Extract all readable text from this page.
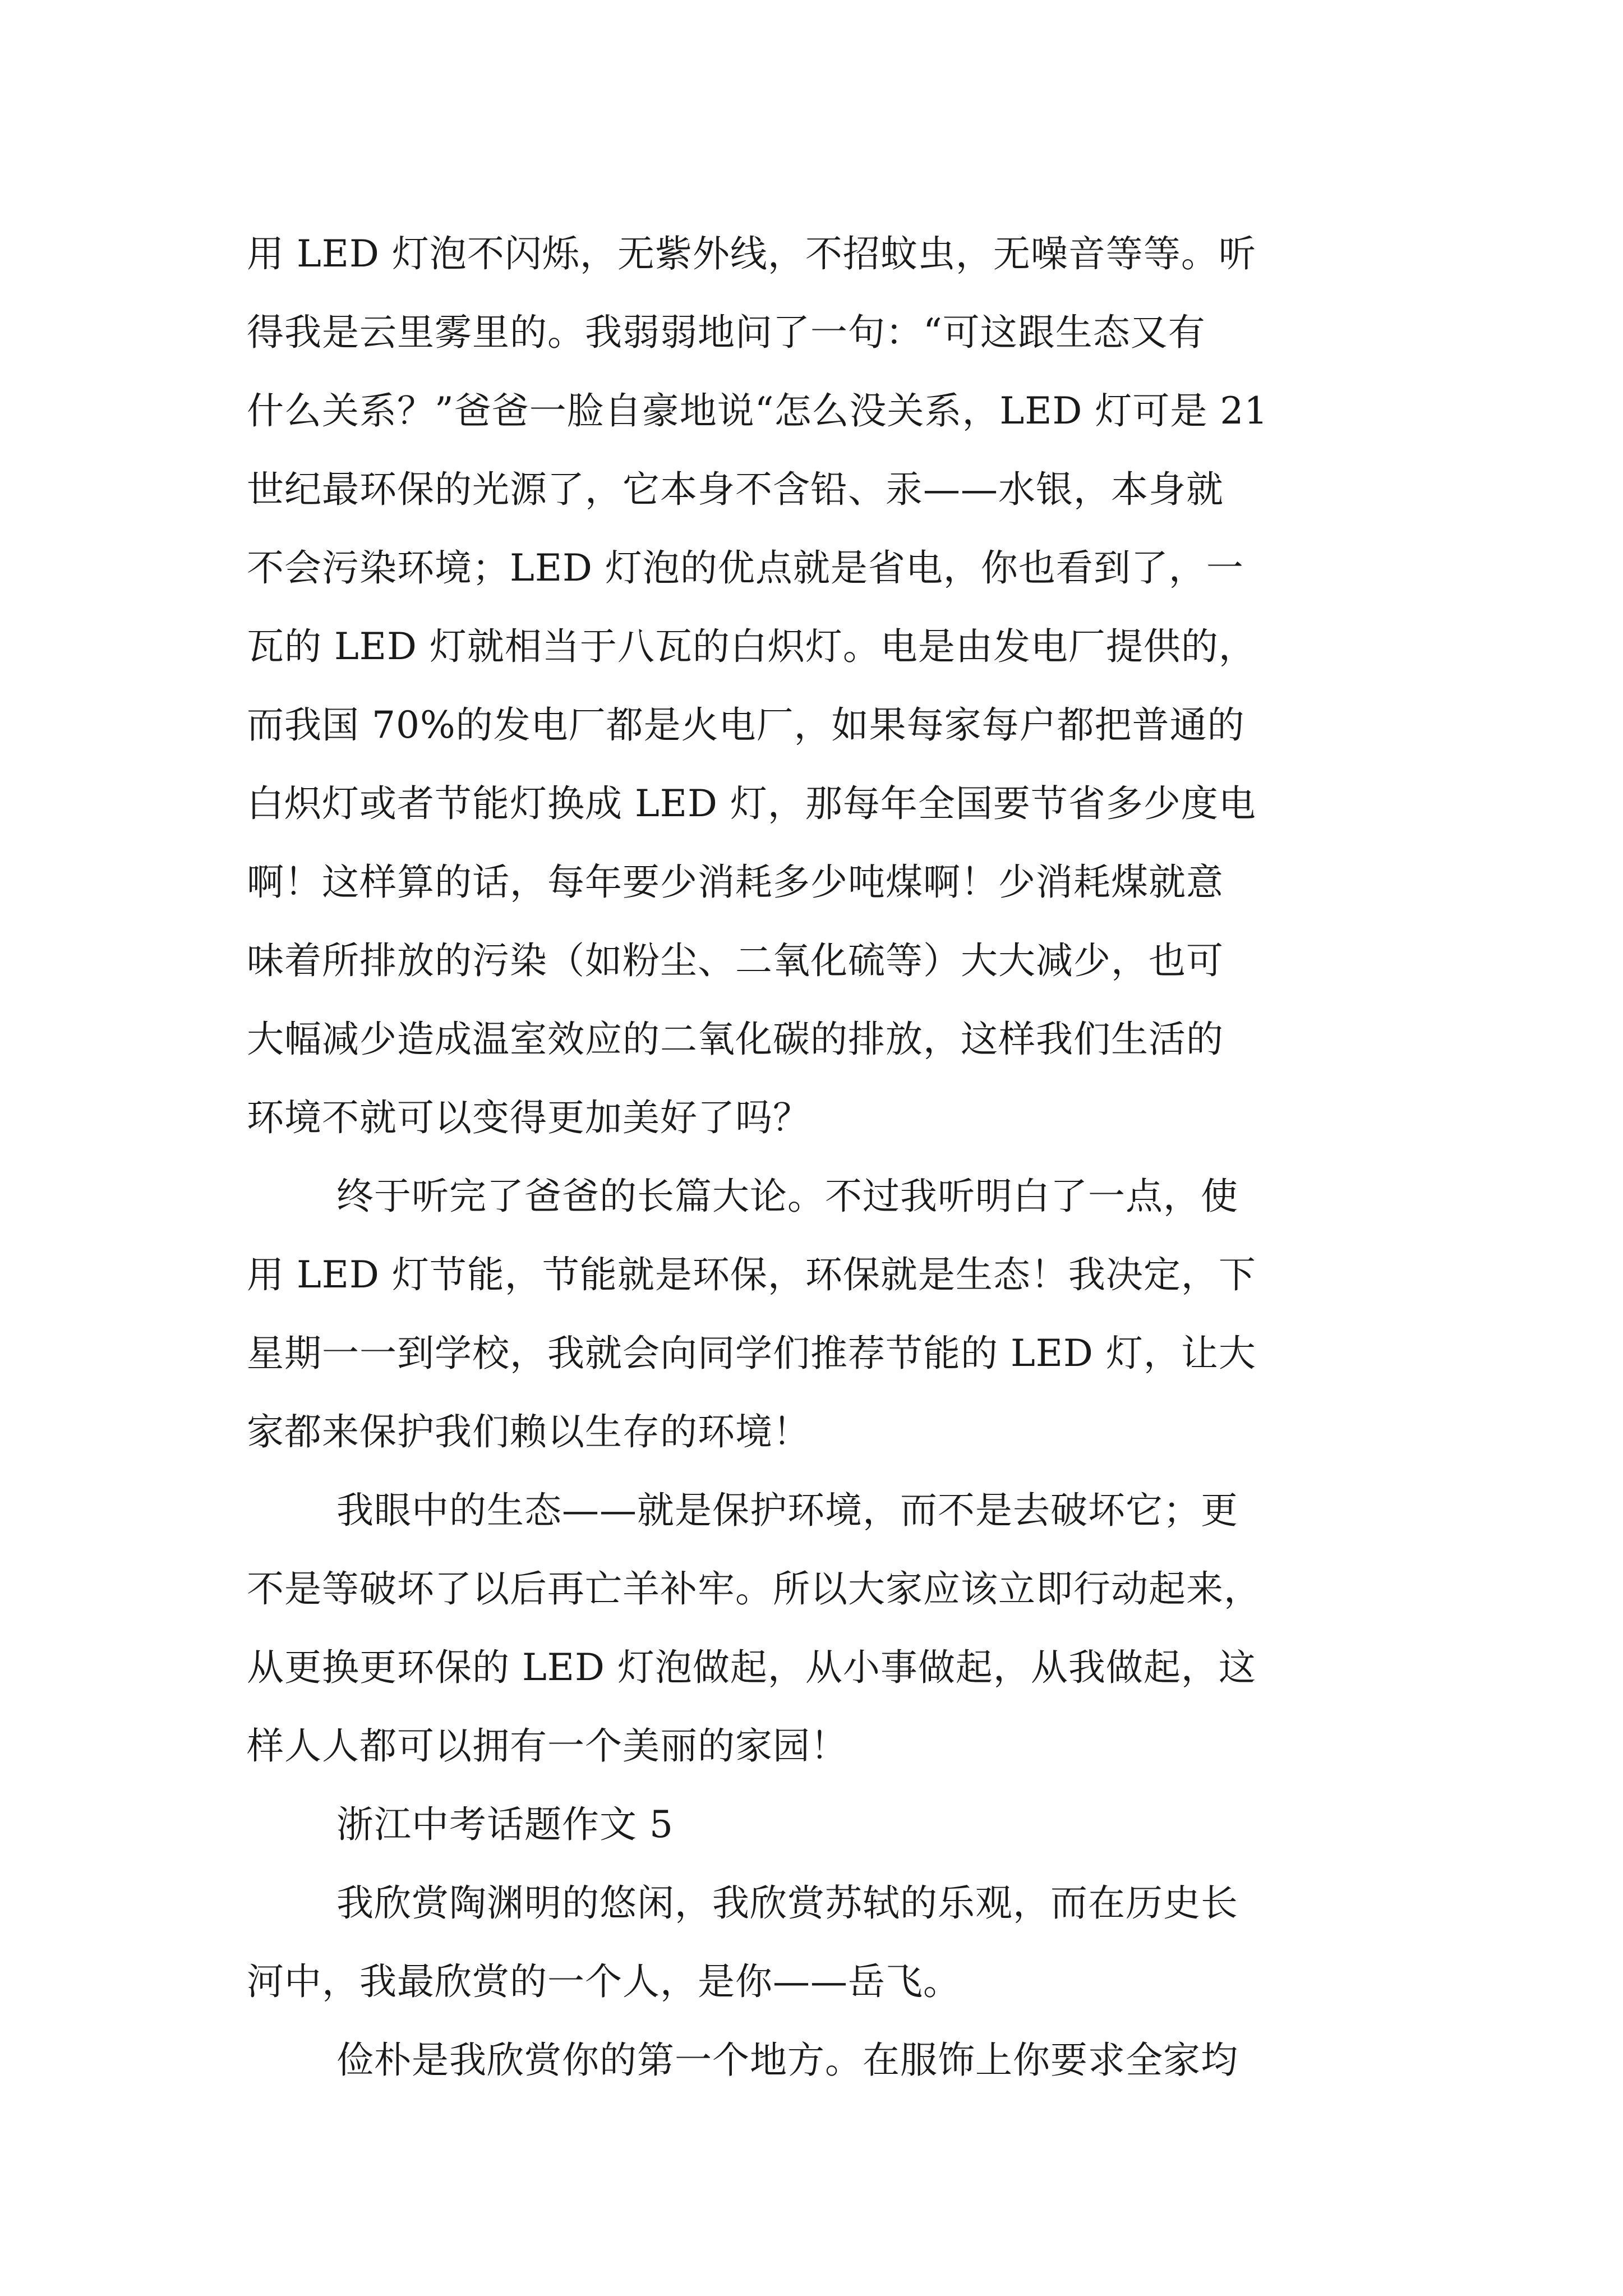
用 LED 灯泡不闪烁，无紫外线，不招蚊虫，无噪音等等。听
得我是云里雾里的。我弱弱地问了一句：“可这跟生态又有
什么关系？”爸爸一脸自豪地说“怎么没关系，LED 灯可是 21
世纪最环保的光源了，它本身不含铅、汞——水银，本身就
不会污染环境；LED 灯泡的优点就是省电，你也看到了，一
瓦的 LED 灯就相当于八瓦的白炽灯。电是由发电厂提供的，
而我国 70%的发电厂都是火电厂，如果每家每户都把普通的
白炽灯或者节能灯换成 LED 灯，那每年全国要节省多少度电
啊！这样算的话，每年要少消耗多少吨煤啊！少消耗煤就意
味着所排放的污染（如粉尘、二氧化硫等）大大减少，也可
大幅减少造成温室效应的二氧化碳的排放，这样我们生活的
环境不就可以变得更加美好了吗？
终于听完了爸爸的长篇大论。不过我听明白了一点，使
用 LED 灯节能，节能就是环保，环保就是生态！我决定，下
星期一一到学校，我就会向同学们推荐节能的 LED 灯，让大
家都来保护我们赖以生存的环境！
我眼中的生态——就是保护环境，而不是去破坏它；更
不是等破坏了以后再亡羊补牢。所以大家应该立即行动起来，
从更换更环保的 LED 灯泡做起，从小事做起，从我做起，这
样人人都可以拥有一个美丽的家园！
浙江中考话题作文 5
我欣赏陶渊明的悠闲，我欣赏苏轼的乐观，而在历史长
河中，我最欣赏的一个人，是你——岳飞。
俭朴是我欣赏你的第一个地方。在服饰上你要求全家均
